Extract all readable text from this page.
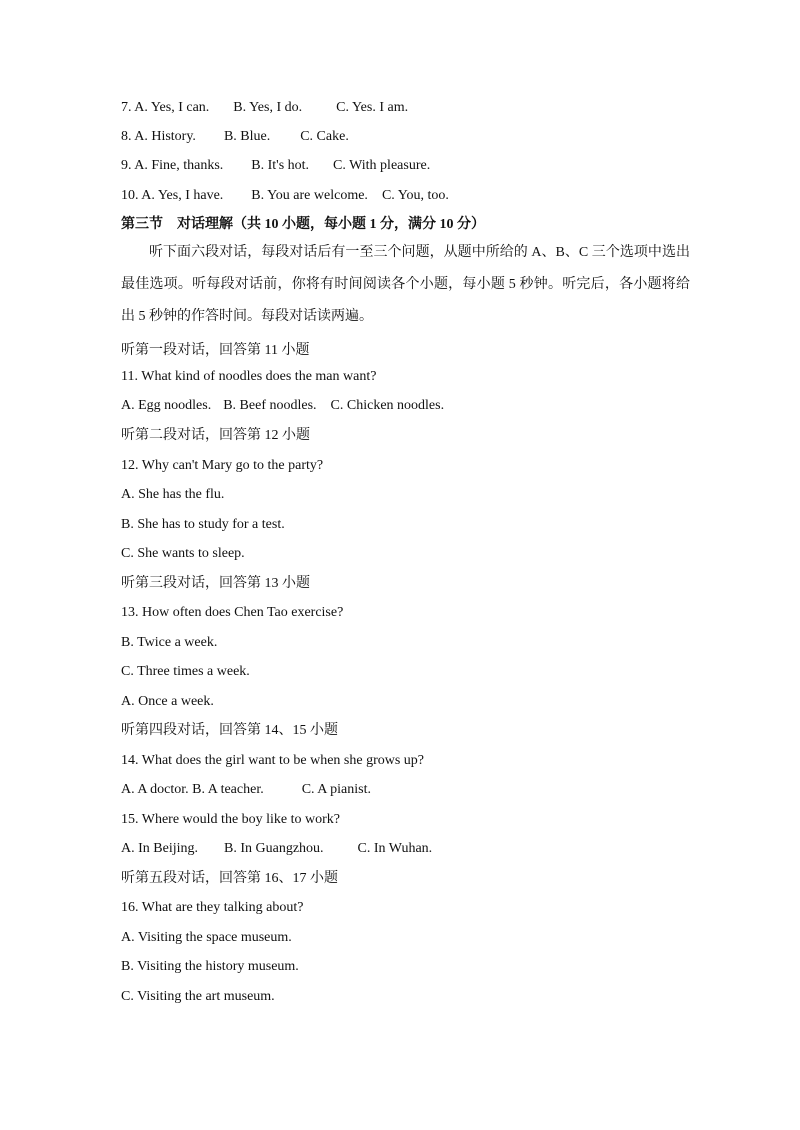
7. A. Yes, I can. B. Yes, I do. C. Yes. I am.
8. A. History. B. Blue. C. Cake.
9. A. Fine, thanks. B. It's hot. C. With pleasure.
10. A. Yes, I have. B. You are welcome. C. You, too.
第三节　对话理解（共 10 小题，每小题 1 分，满分 10 分）
听下面六段对话，每段对话后有一至三个问题，从题中所给的 A、B、C 三个选项中选出最佳选项。听每段对话前，你将有时间阅读各个小题，每小题 5 秒钟。听完后，各小题将给出 5 秒钟的作答时间。每段对话读两遍。
听第一段对话，回答第 11 小题
11. What kind of noodles does the man want?
A. Egg noodles. B. Beef noodles. C. Chicken noodles.
听第二段对话，回答第 12 小题
12. Why can't Mary go to the party?
A. She has the flu.
B. She has to study for a test.
C. She wants to sleep.
听第三段对话，回答第 13 小题
13. How often does Chen Tao exercise?
B. Twice a week.
C. Three times a week.
A. Once a week.
听第四段对话，回答第 14、15 小题
14. What does the girl want to be when she grows up?
A. A doctor. B. A teacher.	C. A pianist.
15. Where would the boy like to work?
A. In Beijing. B. In Guangzhou. C. In Wuhan.
听第五段对话，回答第 16、17 小题
16. What are they talking about?
A. Visiting the space museum.
B. Visiting the history museum.
C. Visiting the art museum.
